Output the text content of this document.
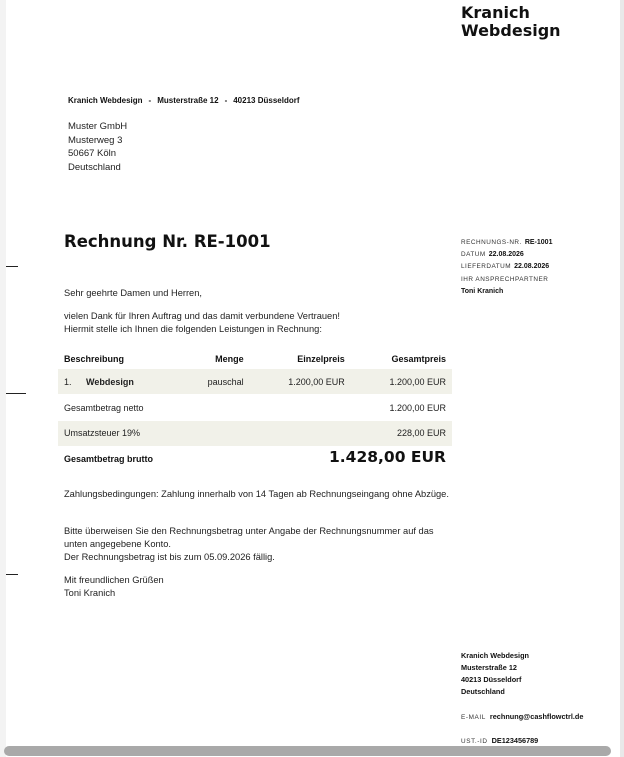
Kranich
Webdesign
Kranich Webdesign - Musterstraße 12 - 40213 Düsseldorf
Muster GmbH
Musterweg 3
50667 Köln
Deutschland
Rechnung Nr. RE-1001	RECHNUNGS-NR. RE-1001
DATUM 22.08.2026
LIEFERDATUM 22.08.2026
IHR ANSPRECHPARTNER
Toni Kranich
Sehr geehrte Damen und Herren,
vielen Dank für Ihren Auftrag und das damit verbundene Vertrauen!
Hiermit stelle ich Ihnen die folgenden Leistungen in Rechnung:
Beschreibung	Menge	Einzelpreis	Gesamtpreis
1. Webdesign	pauschal	1.200,00 EUR	1.200,00 EUR
Gesamtbetrag netto	1.200,00 EUR
Umsatzsteuer 19%	228,00 EUR
Gesamtbetrag brutto	1.428,00 EUR
Zahlungsbedingungen: Zahlung innerhalb von 14 Tagen ab Rechnungseingang ohne Abzüge.
Bitte überweisen Sie den Rechnungsbetrag unter Angabe der Rechnungsnummer auf das unten angegebene Konto.
Der Rechnungsbetrag ist bis zum 05.09.2026 fällig.
Mit freundlichen Grüßen
Toni Kranich
Kranich Webdesign
Musterstraße 12
40213 Düsseldorf
Deutschland
E-MAIL rechnung@cashflowctrl.de
UST.-ID DE123456789
